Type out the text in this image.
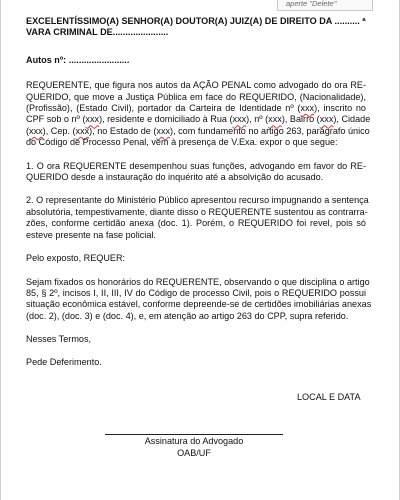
aperte "Delete"

EXCELENTÍSSIMO(A) SENHOR(A) DOUTOR(A) JUIZ(A) DE DIREITO DA .......... ª
VARA CRIMINAL DE......................

Autos nº: ........................

REQUERENTE, que figura nos autos da AÇÃO PENAL como advogado do ora RE-
QUERIDO, que move a Justiça Pública em face do REQUERIDO, (Nacionalidade),
(Profissão), (Estado Civil), portador da Carteira de Identidade nº (xxx), inscrito no
CPF sob o nº (xxx), residente e domiciliado à Rua (xxx), nº (xxx), Bairro (xxx), Cidade
(xxx), Cep. (xxx), no Estado de (xxx), com fundamento no artigo 263, parágrafo único
do Código de Processo Penal, vem à presença de V.Exa. expor o que segue:

1. O ora REQUERENTE desempenhou suas funções, advogando em favor do RE-
QUERIDO desde a instauração do inquérito até a absolvição do acusado.

2. O representante do Ministério Público apresentou recurso impugnando a sentença
absolutória, tempestivamente, diante disso o REQUERENTE sustentou as contrarra-
zões, conforme certidão anexa (doc. 1). Porém, o REQUERIDO foi revel, pois só
esteve presente na fase policial.

Pelo exposto, REQUER:

Sejam fixados os honorários do REQUERENTE, observando o que disciplina o artigo
85, § 2º, incisos I, II, III, IV do Código de processo Civil, pois o REQUERIDO possui
situação econômica estável, conforme depreende-se de certidões imobiliárias anexas
(doc. 2), (doc. 3) e (doc. 4), e, em atenção ao artigo 263 do CPP, supra referido.

Nesses Termos,

Pede Deferimento.

LOCAL E DATA
Assinatura do Advogado
OAB/UF
